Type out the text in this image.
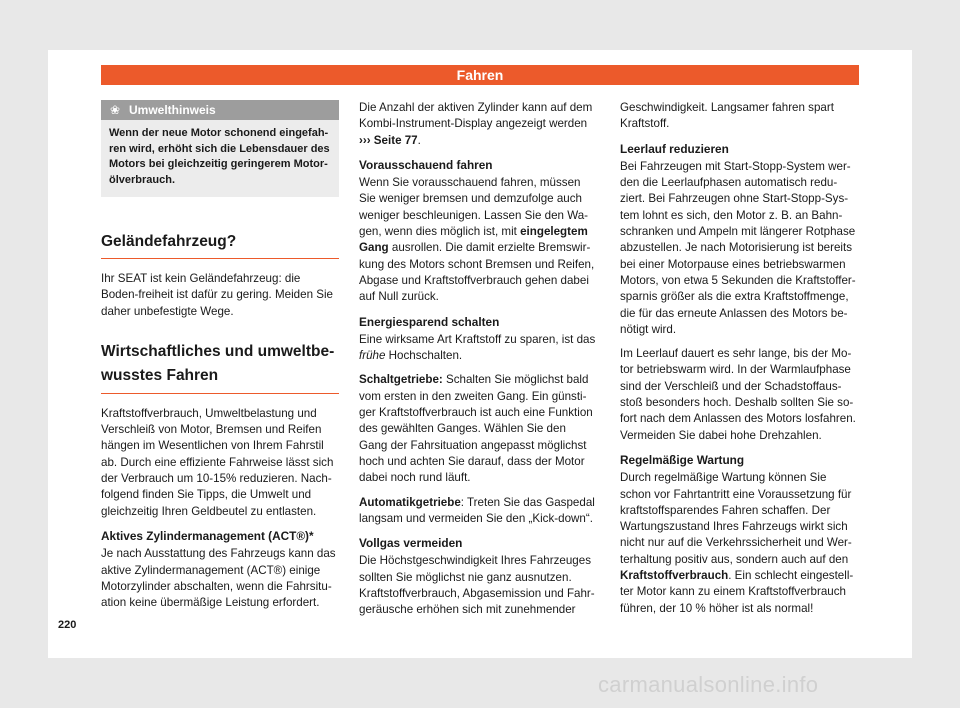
Fahren
❀ Umwelthinweis
Wenn der neue Motor schonend eingefah-ren wird, erhöht sich die Lebensdauer des Motors bei gleichzeitig geringerem Motor-ölverbrauch.
Geländefahrzeug?

Ihr SEAT ist kein Geländefahrzeug: die Boden-freiheit ist dafür zu gering. Meiden Sie daher unbefestigte Wege.

Wirtschaftliches und umweltbe-wusstes Fahren

Kraftstoffverbrauch, Umweltbelastung und Verschleiß von Motor, Bremsen und Reifen hängen im Wesentlichen von Ihrem Fahrstil ab. Durch eine effiziente Fahrweise lässt sich der Verbrauch um 10-15% reduzieren. Nach-folgend finden Sie Tipps, die Umwelt und gleichzeitig Ihren Geldbeutel zu entlasten.

Aktives Zylindermanagement (ACT®)*

Je nach Ausstattung des Fahrzeugs kann das aktive Zylindermanagement (ACT®) einige Motorzylinder abschalten, wenn die Fahrsitu-ation keine übermäßige Leistung erfordert.

Die Anzahl der aktiven Zylinder kann auf dem Kombi-Instrument-Display angezeigt werden ››› Seite 77.

Vorausschauend fahren

Wenn Sie vorausschauend fahren, müssen Sie weniger bremsen und demzufolge auch weniger beschleunigen. Lassen Sie den Wa-gen, wenn dies möglich ist, mit eingelegtem Gang ausrollen. Die damit erzielte Bremswir-kung des Motors schont Bremsen und Reifen, Abgase und Kraftstoffverbrauch gehen dabei auf Null zurück.

Energiesparend schalten

Eine wirksame Art Kraftstoff zu sparen, ist das frühe Hochschalten.

Schaltgetriebe: Schalten Sie möglichst bald vom ersten in den zweiten Gang. Ein günsti-ger Kraftstoffverbrauch ist auch eine Funktion des gewählten Ganges. Wählen Sie den Gang der Fahrsituation angepasst möglichst hoch und achten Sie darauf, dass der Motor dabei noch rund läuft.

Automatikgetriebe: Treten Sie das Gaspedal langsam und vermeiden Sie den „Kick-down“.

Vollgas vermeiden

Die Höchstgeschwindigkeit Ihres Fahrzeuges sollten Sie möglichst nie ganz ausnutzen. Kraftstoffverbrauch, Abgasemission und Fahr-geräusche erhöhen sich mit zunehmender

Geschwindigkeit. Langsamer fahren spart Kraftstoff.

Leerlauf reduzieren

Bei Fahrzeugen mit Start-Stopp-System wer-den die Leerlaufphasen automatisch redu-ziert. Bei Fahrzeugen ohne Start-Stopp-Sys-tem lohnt es sich, den Motor z. B. an Bahn-schranken und Ampeln mit längerer Rotphase abzustellen. Je nach Motorisierung ist bereits bei einer Motorpause eines betriebswarmen Motors, von etwa 5 Sekunden die Kraftstoffer-sparnis größer als die extra Kraftstoffmenge, die für das erneute Anlassen des Motors be-nötigt wird.

Im Leerlauf dauert es sehr lange, bis der Mo-tor betriebswarm wird. In der Warmlaufphase sind der Verschleiß und der Schadstoffaus-stoß besonders hoch. Deshalb sollten Sie so-fort nach dem Anlassen des Motors losfahren. Vermeiden Sie dabei hohe Drehzahlen.

Regelmäßige Wartung

Durch regelmäßige Wartung können Sie schon vor Fahrtantritt eine Voraussetzung für kraftstoffsparendes Fahren schaffen. Der Wartungszustand Ihres Fahrzeugs wirkt sich nicht nur auf die Verkehrssicherheit und Wer-terhaltung positiv aus, sondern auch auf den Kraftstoffverbrauch. Ein schlecht eingestell-ter Motor kann zu einem Kraftstoffverbrauch führen, der 10 % höher ist als normal!

220
carmanualsonline.info
